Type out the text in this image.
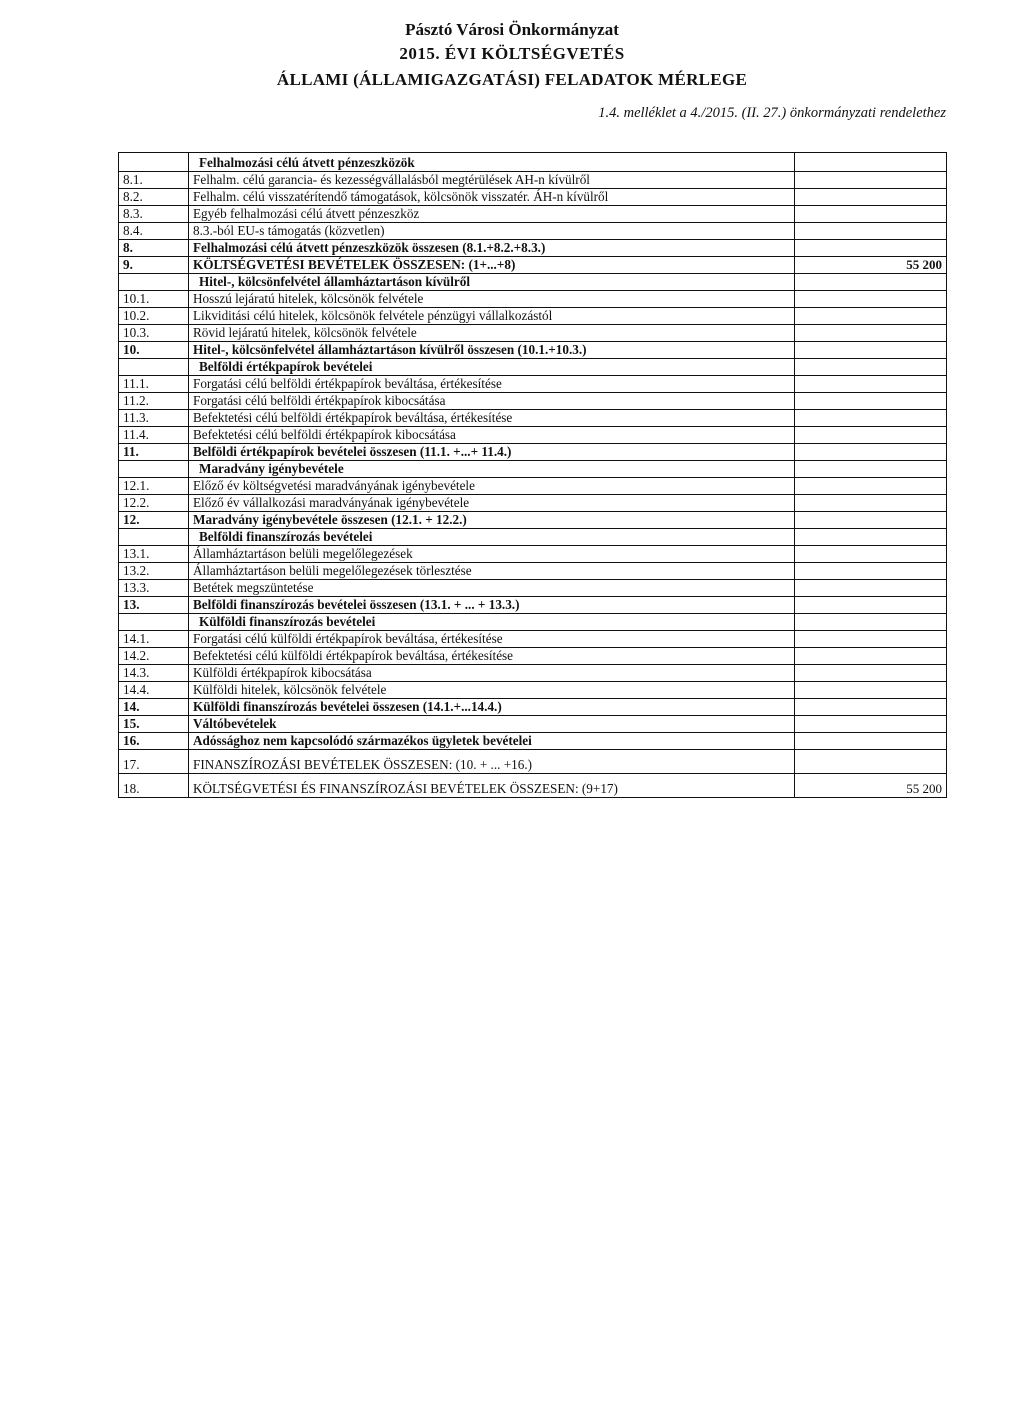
Pásztó Városi Önkormányzat
2015. ÉVI KÖLTSÉGVETÉS
ÁLLAMI (ÁLLAMIGAZGATÁSI) FELADATOK MÉRLEGE
1.4. melléklet a 4./2015. (II. 27.) önkormányzati rendelethez
	Felhalmozási célú átvett pénzeszközök	
8.1.	Felhalm. célú garancia- és kezességvállalásból megtérülések AH-n kívülről	
8.2.	Felhalm. célú visszatérítendő támogatások, kölcsönök visszatér. ÁH-n kívülről	
8.3.	Egyéb felhalmozási célú átvett pénzeszköz	
8.4.	8.3.-ból EU-s támogatás (közvetlen)	
8.	Felhalmozási célú átvett pénzeszközök összesen (8.1.+8.2.+8.3.)	
9.	KÖLTSÉGVETÉSI BEVÉTELEK ÖSSZESEN: (1+...+8)	55 200
	Hitel-, kölcsönfelvétel államháztartáson kívülről	
10.1.	Hosszú lejáratú hitelek, kölcsönök felvétele	
10.2.	Likviditási célú hitelek, kölcsönök felvétele pénzügyi vállalkozástól	
10.3.	Rövid lejáratú hitelek, kölcsönök felvétele	
10.	Hitel-, kölcsönfelvétel államháztartáson kívülről összesen (10.1.+10.3.)	
	Belföldi értékpapírok bevételei	
11.1.	Forgatási célú belföldi értékpapírok beváltása, értékesítése	
11.2.	Forgatási célú belföldi értékpapírok kibocsátása	
11.3.	Befektetési célú belföldi értékpapírok beváltása, értékesítése	
11.4.	Befektetési célú belföldi értékpapírok kibocsátása	
11.	Belföldi értékpapírok bevételei összesen (11.1. +...+ 11.4.)	
	Maradvány igénybevétele	
12.1.	Előző év költségvetési maradványának igénybevétele	
12.2.	Előző év vállalkozási maradványának igénybevétele	
12.	Maradvány igénybevétele összesen (12.1. + 12.2.)	
	Belföldi finanszírozás bevételei	
13.1.	Államháztartáson belüli megelőlegezések	
13.2.	Államháztartáson belüli megelőlegezések törlesztése	
13.3.	Betétek megszüntetése	
13.	Belföldi finanszírozás bevételei összesen (13.1. + ... + 13.3.)	
	Külföldi finanszírozás bevételei	
14.1.	Forgatási célú külföldi értékpapírok beváltása, értékesítése	
14.2.	Befektetési célú külföldi értékpapírok beváltása, értékesítése	
14.3.	Külföldi értékpapírok kibocsátása	
14.4.	Külföldi hitelek, kölcsönök felvétele	
14.	Külföldi finanszírozás bevételei összesen (14.1.+...14.4.)	
15.	Váltóbevételek	
16.	Adóssághoz nem kapcsolódó származékos ügyletek bevételei	
17.	FINANSZÍROZÁSI BEVÉTELEK ÖSSZESEN: (10. + ... +16.)	
18.	KÖLTSÉGVETÉSI ÉS FINANSZÍROZÁSI BEVÉTELEK ÖSSZESEN: (9+17)	55 200
